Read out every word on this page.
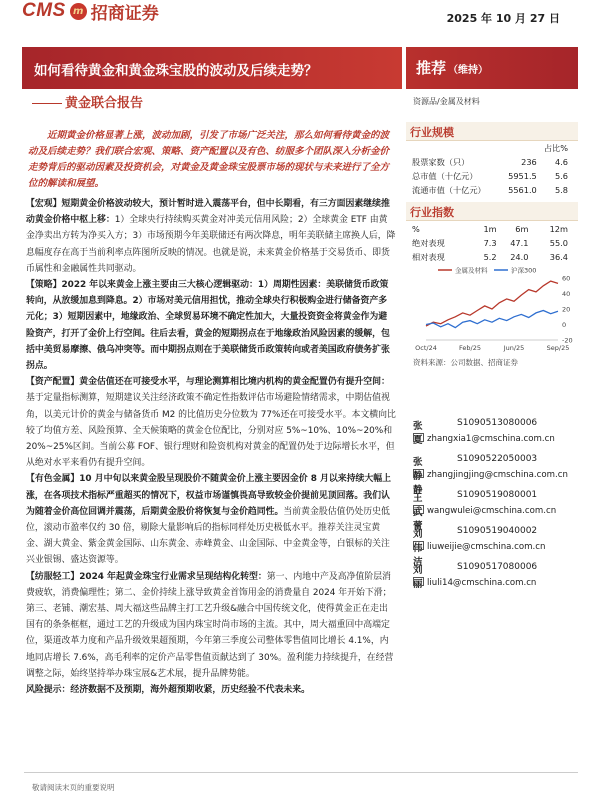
CMS m 招商证券	2025 年 10 月 27 日
如何看待黄金和黄金珠宝股的波动及后续走势？	推荐 （维持）
黄金联合报告	资源品/金属及材料

近期黄金价格显著上涨，波动加剧，引发了市场广泛关注，那么如何看待黄金的波动及后续走势？我们联合宏观、策略、资产配置以及有色、纺服多个团队深入分析金价走势背后的驱动因素及投资机会，对黄金及黄金珠宝股票市场的现状与未来进行了全方位的解读和展望。

【宏观】短期黄金价格波动较大，预计暂时进入震荡平台，但中长期看，有三方面因素继续推动黄金价格中枢上移：1）全球央行持续购买黄金对冲美元信用风险；2）全球黄金 ETF 由黄金净卖出方转为净买入方；3）市场预期今年美联储还有两次降息，明年美联储主席换人后，降息幅度存在高于当前利率点阵图所反映的情况。也就是说，未来黄金价格基于交易货币、即货币属性和金融属性共同驱动。

【策略】2022 年以来黄金上涨主要由三大核心逻辑驱动：1）周期性因素：美联储货币政策转向，从放缓加息到降息。2）市场对美元信用担忧，推动全球央行积极购金进行储备资产多元化；3）短期因素中，地缘政治、全球贸易环境不确定性加大，大量投资资金将黄金作为避险资产，打开了金价上行空间。往后去看，黄金的短期拐点在于地缘政治风险因素的缓解，包括中美贸易摩擦、俄乌冲突等。而中期拐点则在于美联储货币政策转向或者美国政府债务扩张拐点。

【资产配置】黄金估值还在可接受水平，与理论测算相比境内机构的黄金配置仍有提升空间：基于定量指标测算，短期建议关注经济政策不确定性指数评估市场避险情绪需求，中期估值视角，以美元计价的黄金与储备货币 M2 的比值历史分位数为 77%还在可接受水平。本文横向比较了均值方差、风险预算、全天候策略的黄金仓位配比，分别对应 5%~10%、10%~20%和 20%~25%区间。当前公募 FOF、银行理财和险资机构对黄金的配置仍处于边际增长水平，但从绝对水平来看仍有提升空间。

【有色金属】10 月中旬以来黄金股呈现股价不随黄金价上涨主要因金价 8 月以来持续大幅上涨，在各项技术指标严重超买的情况下，权益市场谨慎畏高导致较金价提前见顶回落。我们认为随着金价高位回调并震荡，后期黄金股价将恢复与金价趋同性。当前黄金股估值仍处历史低位，滚动市盈率仅约 30 倍，剔除大量影响后的指标同样处历史极低水平。推荐关注灵宝黄金、湖大黄金、紫金黄金国际、山东黄金、赤峰黄金、山金国际、中金黄金等，白银标的关注兴业银锡、盛达资源等。

【纺服轻工】2024 年起黄金珠宝行业需求呈现结构化转型：第一、内地中产及高净值阶层消费疲软，消费偏理性；第二、金价持续上涨导致黄金首饰用金的消费量自 2024 年开始下滑；第三、老铺、潮宏基、周大福这些品牌主打工艺升级&融合中国传统文化，使得黄金正在走出国有的条条框框，通过工艺的升级成为国内珠宝时尚市场的主流。其中，周大福重回中高端定位，渠道改革力度和产品升级效果超预期，今年第三季度公司整体零售值同比增长 4.1%，内地同店增长 7.6%，高毛利率的定价产品零售值贡献达到了 30%。盈利能力持续提升，在经营调整之际，始终坚持举办珠宝展&艺术展，提升品牌势能。

风险提示：经济数据不及预期，海外超预期收紧，历史经验不代表未来。

行业规模
		占比%
股票家数（只）	236	4.6
总市值（十亿元）	5951.5	5.6
流通市值（十亿元）	5561.0	5.8
行业指数
%	1m	6m	12m
绝对表现	7.3	47.1	55.0
相对表现	5.2	24.0	36.4
金属及材料	沪深300
60
40
20
0
-20
Oct/24	Feb/25	Jun/25	Sep/25
资料来源：公司数据、招商证券
张夏
S1090513080006
zhangxia1@cmschina.com.cn
张静静
S1090522050003
zhangjingjing@cmschina.com.cn
王武蕾
S1090519080001
wangwulei@cmschina.com.cn
刘伟洁
S1090519040002
liuweijie@cmschina.com.cn
刘丽
S1090517080006
liuli14@cmschina.com.cn
敬请阅读末页的重要说明
